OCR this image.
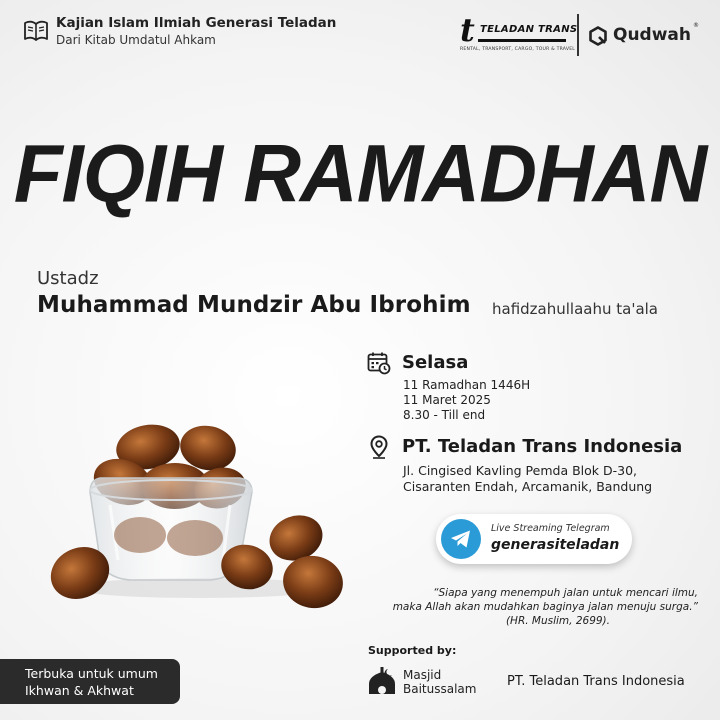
Kajian Islam Ilmiah Generasi Teladan
Dari Kitab Umdatul Ahkam	t TELADAN TRANS
RENTAL, TRANSPORT, CARGO, TOUR & TRAVEL
Qudwah ®
FIQIH RAMADHAN
Ustadz
Muhammad Mundzir Abu Ibrohim hafidzahullaahu ta'ala
Selasa
11 Ramadhan 1446H
11 Maret 2025
8.30 - Till end
PT. Teladan Trans Indonesia
Jl. Cingised Kavling Pemda Blok D-30,
Cisaranten Endah, Arcamanik, Bandung
Live Streaming Telegram
generasiteladan
“Siapa yang menempuh jalan untuk mencari ilmu,
maka Allah akan mudahkan baginya jalan menuju surga.”
(HR. Muslim, 2699).
Supported by:
Masjid
Baitussalam PT. Teladan Trans Indonesia
Terbuka untuk umum
Ikhwan & Akhwat
